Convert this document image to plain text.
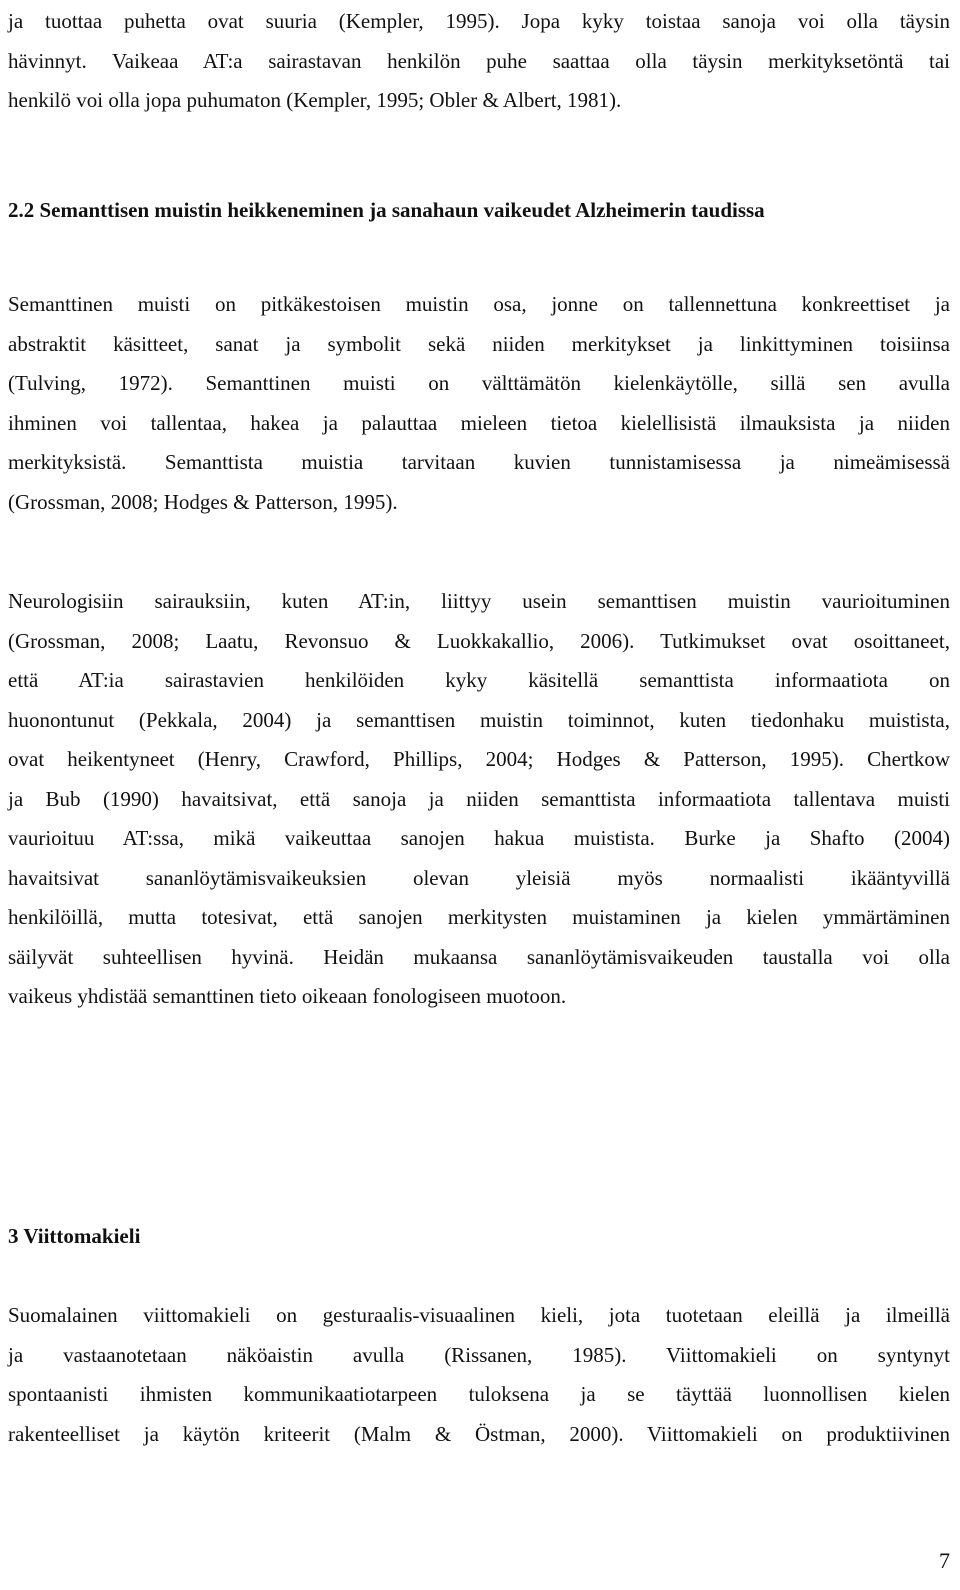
ja tuottaa puhetta ovat suuria (Kempler, 1995). Jopa kyky toistaa sanoja voi olla täysin
hävinnyt. Vaikeaa AT:a sairastavan henkilön puhe saattaa olla täysin merkityksetöntä tai
henkilö voi olla jopa puhumaton (Kempler, 1995; Obler & Albert, 1981).

2.2 Semanttisen muistin heikkeneminen ja sanahaun vaikeudet Alzheimerin taudissa

Semanttinen muisti on pitkäkestoisen muistin osa, jonne on tallennettuna konkreettiset ja
abstraktit käsitteet, sanat ja symbolit sekä niiden merkitykset ja linkittyminen toisiinsa
(Tulving, 1972). Semanttinen muisti on välttämätön kielenkäytölle, sillä sen avulla
ihminen voi tallentaa, hakea ja palauttaa mieleen tietoa kielellisistä ilmauksista ja niiden
merkityksistä. Semanttista muistia tarvitaan kuvien tunnistamisessa ja nimeämisessä
(Grossman, 2008; Hodges & Patterson, 1995).

Neurologisiin sairauksiin, kuten AT:in, liittyy usein semanttisen muistin vaurioituminen
(Grossman, 2008; Laatu, Revonsuo & Luokkakallio, 2006). Tutkimukset ovat osoittaneet,
että AT:ia sairastavien henkilöiden kyky käsitellä semanttista informaatiota on
huonontunut (Pekkala, 2004) ja semanttisen muistin toiminnot, kuten tiedonhaku muistista,
ovat heikentyneet (Henry, Crawford, Phillips, 2004; Hodges & Patterson, 1995). Chertkow
ja Bub (1990) havaitsivat, että sanoja ja niiden semanttista informaatiota tallentava muisti
vaurioituu AT:ssa, mikä vaikeuttaa sanojen hakua muistista. Burke ja Shafto (2004)
havaitsivat sananlöytämisvaikeuksien olevan yleisiä myös normaalisti ikääntyvillä
henkilöillä, mutta totesivat, että sanojen merkitysten muistaminen ja kielen ymmärtäminen
säilyvät suhteellisen hyvinä. Heidän mukaansa sananlöytämisvaikeuden taustalla voi olla
vaikeus yhdistää semanttinen tieto oikeaan fonologiseen muotoon.

3 Viittomakieli

Suomalainen viittomakieli on gesturaalis-visuaalinen kieli, jota tuotetaan eleillä ja ilmeillä
ja vastaanotetaan näköaistin avulla (Rissanen, 1985). Viittomakieli on syntynyt
spontaanisti ihmisten kommunikaatiotarpeen tuloksena ja se täyttää luonnollisen kielen
rakenteelliset ja käytön kriteerit (Malm & Östman, 2000). Viittomakieli on produktiivinen

7
